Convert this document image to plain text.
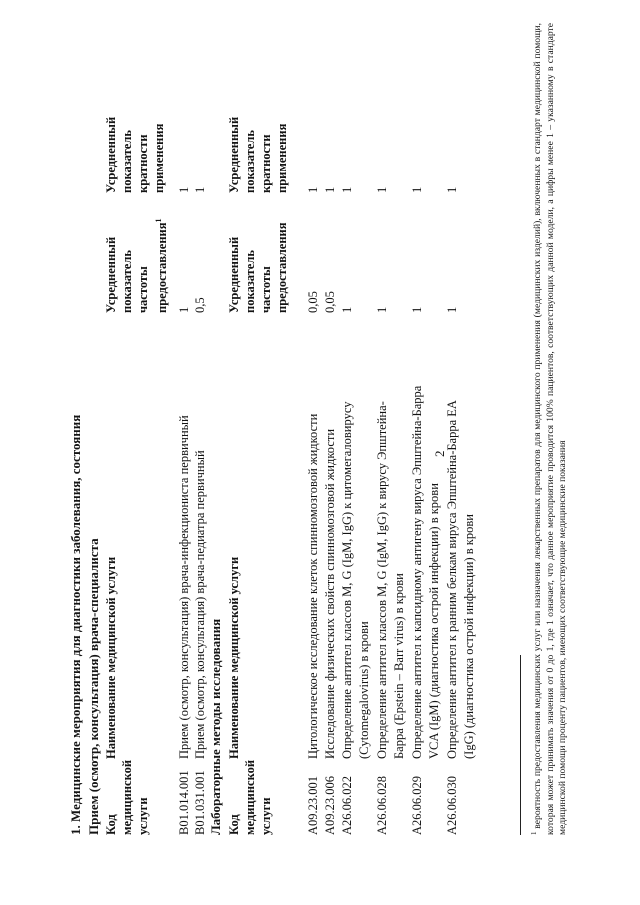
2
1. Медицинские мероприятия для диагностики заболевания, состояния Прием (осмотр, консультация) врача-специалиста Код медицинской услуги
Наименование медицинской услуги
Усредненный показатель частоты предоставления$^1$
Усредненный показатель кратности применения
B01.014.001
Прием (осмотр, консультация) врача-инфекциониста первичный
1
1
B01.031.001
Прием (осмотр, консультация) врача-педиатра первичный
0,5
1
Лабораторные методы исследования Код медицинской услуги
Наименование медицинской услуги
Усредненный показатель частоты предоставления
Усредненный показатель кратности применения
A09.23.001
Цитологическое исследование клеток спинномозговой жидкости
0,05
1
A09.23.006
Исследование физических свойств спинномозговой жидкости
0,05
1
A26.06.022
Определение антител классов M, G (IgM, IgG) к цитомегаловирусу (Cytomegalovirus) в крови
1
1
A26.06.028
Определение антител классов M, G (IgM, IgG) к вирусу Эпштейна- Барра (Epstein – Barr virus) в крови
1
1
A26.06.029
Определение антител к капсидному антигену вируса Эпштейна-Барра VCA (IgM) (диагностика острой инфекции) в крови
1
1
A26.06.030
Определение антител к ранним белкам вируса Эпштейна-Барра EA (IgG) (диагностика острой инфекции) в крови
1
1
$^1$ вероятность предоставления медицинских услуг или назначения лекарственных препаратов для медицинского применения (медицинских изделий), включенных в стандарт медицинской помощи, которая может принимать значения от 0 до 1, где 1 означает, что данное мероприятие проводится 100% пациентов, соответствующих данной модели, а цифры менее 1 – указанному в стандарте медицинской помощи проценту пациентов, имеющих соответствующие медицинские показания
